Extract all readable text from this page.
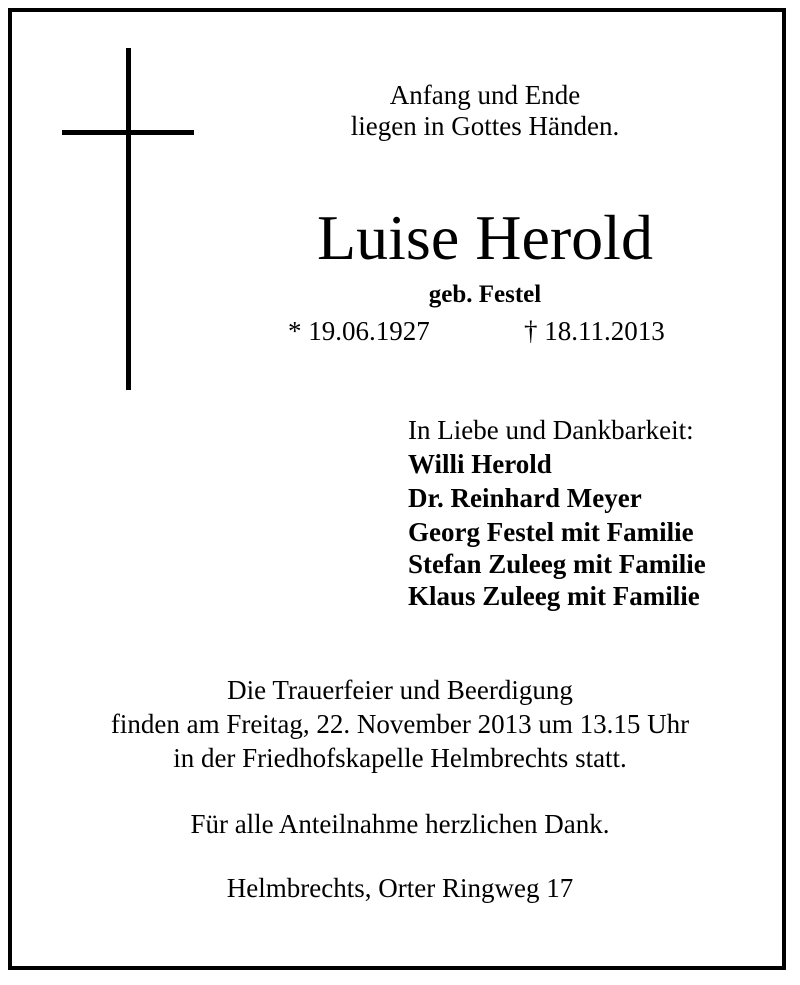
Anfang und Ende
liegen in Gottes Händen.
Luise Herold
geb. Festel
* 19.06.1927	† 18.11.2013
In Liebe und Dankbarkeit:
Willi Herold
Dr. Reinhard Meyer
Georg Festel mit Familie
Stefan Zuleeg mit Familie
Klaus Zuleeg mit Familie
Die Trauerfeier und Beerdigung
finden am Freitag, 22. November 2013 um 13.15 Uhr
in der Friedhofskapelle Helmbrechts statt.
Für alle Anteilnahme herzlichen Dank.
Helmbrechts, Orter Ringweg 17
